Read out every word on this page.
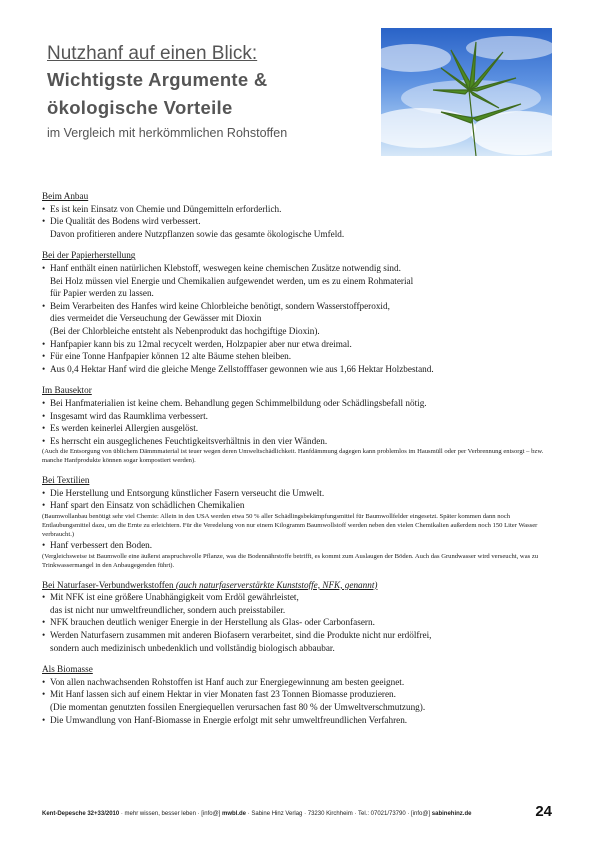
Nutzhanf auf einen Blick:
Wichtigste Argumente &
ökologische Vorteile
im Vergleich mit herkömmlichen Rohstoffen
Beim Anbau
• Es ist kein Einsatz von Chemie und Düngemitteln erforderlich.
• Die Qualität des Bodens wird verbessert.
Davon profitieren andere Nutzpflanzen sowie das gesamte ökologische Umfeld.
Bei der Papierherstellung
• Hanf enthält einen natürlichen Klebstoff, weswegen keine chemischen Zusätze notwendig sind.
Bei Holz müssen viel Energie und Chemikalien aufgewendet werden, um es zu einem Rohmaterial
für Papier werden zu lassen.
• Beim Verarbeiten des Hanfes wird keine Chlorbleiche benötigt, sondern Wasserstoffperoxid,
dies vermeidet die Verseuchung der Gewässer mit Dioxin
(Bei der Chlorbleiche entsteht als Nebenprodukt das hochgiftige Dioxin).
• Hanfpapier kann bis zu 12mal recycelt werden, Holzpapier aber nur etwa dreimal.
• Für eine Tonne Hanfpapier können 12 alte Bäume stehen bleiben.
• Aus 0,4 Hektar Hanf wird die gleiche Menge Zellstofffaser gewonnen wie aus 1,66 Hektar Holzbestand.
Im Bausektor
• Bei Hanfmaterialien ist keine chem. Behandlung gegen Schimmelbildung oder Schädlingsbefall nötig.
• Insgesamt wird das Raumklima verbessert.
• Es werden keinerlei Allergien ausgelöst.
• Es herrscht ein ausgeglichenes Feuchtigkeitsverhältnis in den vier Wänden.
(Auch die Entsorgung von üblichem Dämmmaterial ist teuer wegen deren Umweltschädlichkeit. Hanfdämmung dagegen kann problemlos im Hausmüll oder per Verbrennung entsorgt – bzw. manche Hanfprodukte können sogar kompostiert werden).
Bei Textilien
• Die Herstellung und Entsorgung künstlicher Fasern verseucht die Umwelt.
• Hanf spart den Einsatz von schädlichen Chemikalien
(Baumwollanbau benötigt sehr viel Chemie: Allein in den USA werden etwa 50 % aller Schädlingsbekämpfungsmittel für Baumwollfelder eingesetzt. Später kommen dann noch Entlaubungsmittel dazu, um die Ernte zu erleichtern. Für die Veredelung von nur einem Kilogramm Baumwollstoff werden neben den vielen Chemikalien außerdem noch 150 Liter Wasser verbraucht.)
• Hanf verbessert den Boden.
(Vergleichsweise ist Baumwolle eine äußerst anspruchsvolle Pflanze, was die Bodennährstoffe betrifft, es kommt zum Auslaugen der Böden. Auch das Grundwasser wird verseucht, was zu Trinkwassermangel in den Anbaugegenden führt).
Bei Naturfaser-Verbundwerkstoffen (auch naturfaserverstärkte Kunststoffe, NFK, genannt)
• Mit NFK ist eine größere Unabhängigkeit vom Erdöl gewährleistet,
das ist nicht nur umweltfreundlicher, sondern auch preisstabiler.
• NFK brauchen deutlich weniger Energie in der Herstellung als Glas- oder Carbonfasern.
• Werden Naturfasern zusammen mit anderen Biofasern verarbeitet, sind die Produkte nicht nur erdölfrei,
sondern auch medizinisch unbedenklich und vollständig biologisch abbaubar.
Als Biomasse
• Von allen nachwachsenden Rohstoffen ist Hanf auch zur Energiegewinnung am besten geeignet.
• Mit Hanf lassen sich auf einem Hektar in vier Monaten fast 23 Tonnen Biomasse produzieren.
(Die momentan genutzten fossilen Energiequellen verursachen fast 80 % der Umweltverschmutzung).
• Die Umwandlung von Hanf-Biomasse in Energie erfolgt mit sehr umweltfreundlichen Verfahren.
Kent-Depesche 32+33/2010 · mehr wissen, besser leben · [info@] mwbl.de · Sabine Hinz Verlag · 73230 Kirchheim · Tel.: 07021/73790 · [info@] sabinehinz.de	24
